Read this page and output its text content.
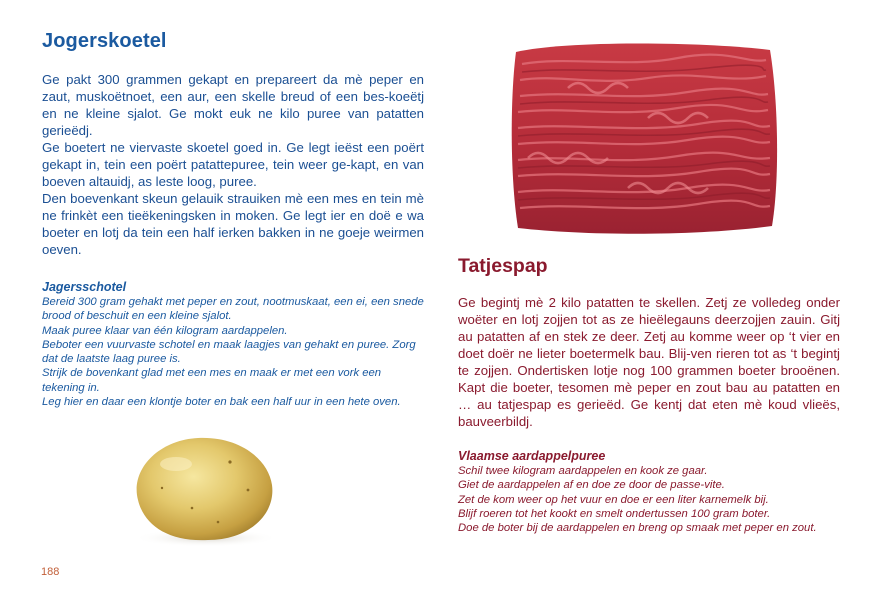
Jogerskoetel

Ge pakt 300 grammen gekapt en prepareert da mè peper en zaut, muskoëtnoet, een aur, een skelle breud of een bes-koeëtj en ne kleine sjalot. Ge mokt euk ne kilo puree van patatten gerieëdj.

Ge boetert ne viervaste skoetel goed in. Ge legt ieëst een poërt gekapt in, tein een poërt patattepuree, tein weer ge-kapt, en van boeven altauidj, as leste loog, puree.

Den boevenkant skeun gelauik strauiken mè een mes en tein mè ne frinkèt een tieëkeningsken in moken. Ge legt ier en doë e wa boeter en lotj da tein een half ierken bakken in ne goeje weirmen oeven.

Jagersschotel

Bereid 300 gram gehakt met peper en zout, nootmuskaat, een ei, een snede brood of beschuit en een kleine sjalot.

Maak puree klaar van één kilogram aardappelen.

Beboter een vuurvaste schotel en maak laagjes van gehakt en puree. Zorg dat de laatste laag puree is.

Strijk de bovenkant glad met een mes en maak er met een vork een tekening in.

Leg hier en daar een klontje boter en bak een half uur in een hete oven.

Tatjespap

Ge begintj mè 2 kilo patatten te skellen. Zetj ze volledeg onder woëter en lotj zojjen tot as ze hieëlegauns deerzojjen zauin. Gitj au patatten af en stek ze deer. Zetj au komme weer op ‘t vier en doet doër ne lieter boetermelk bau. Blij-ven rieren tot as ‘t begintj te zojjen. Ondertisken lotje nog 100 grammen boeter brooënen. Kapt die boeter, tesomen mè peper en zout bau au patatten en … au tatjespap es gerieëd. Ge kentj dat eten mè koud vlieës, bauveerbildj.

Vlaamse aardappelpuree

Schil twee kilogram aardappelen en kook ze gaar.

Giet de aardappelen af en doe ze door de passe-vite.

Zet de kom weer op het vuur en doe er een liter karnemelk bij.

Blijf roeren tot het kookt en smelt ondertussen 100 gram boter.

Doe de boter bij de aardappelen en breng op smaak met peper en zout.

188
